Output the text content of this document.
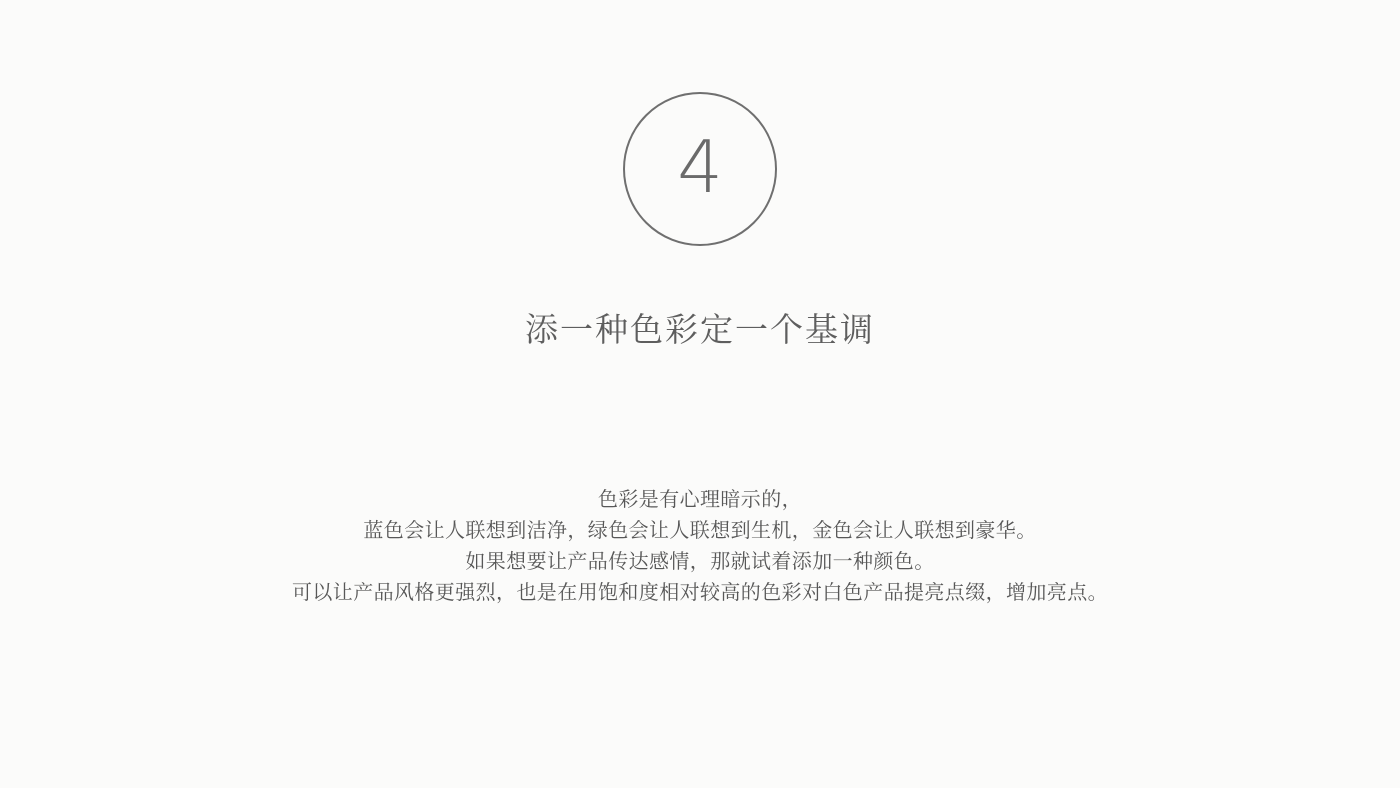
4
添一种色彩定一个基调
色彩是有心理暗示的，
蓝色会让人联想到洁净，绿色会让人联想到生机，金色会让人联想到豪华。
如果想要让产品传达感情，那就试着添加一种颜色。
可以让产品风格更强烈，也是在用饱和度相对较高的色彩对白色产品提亮点缀，增加亮点。
